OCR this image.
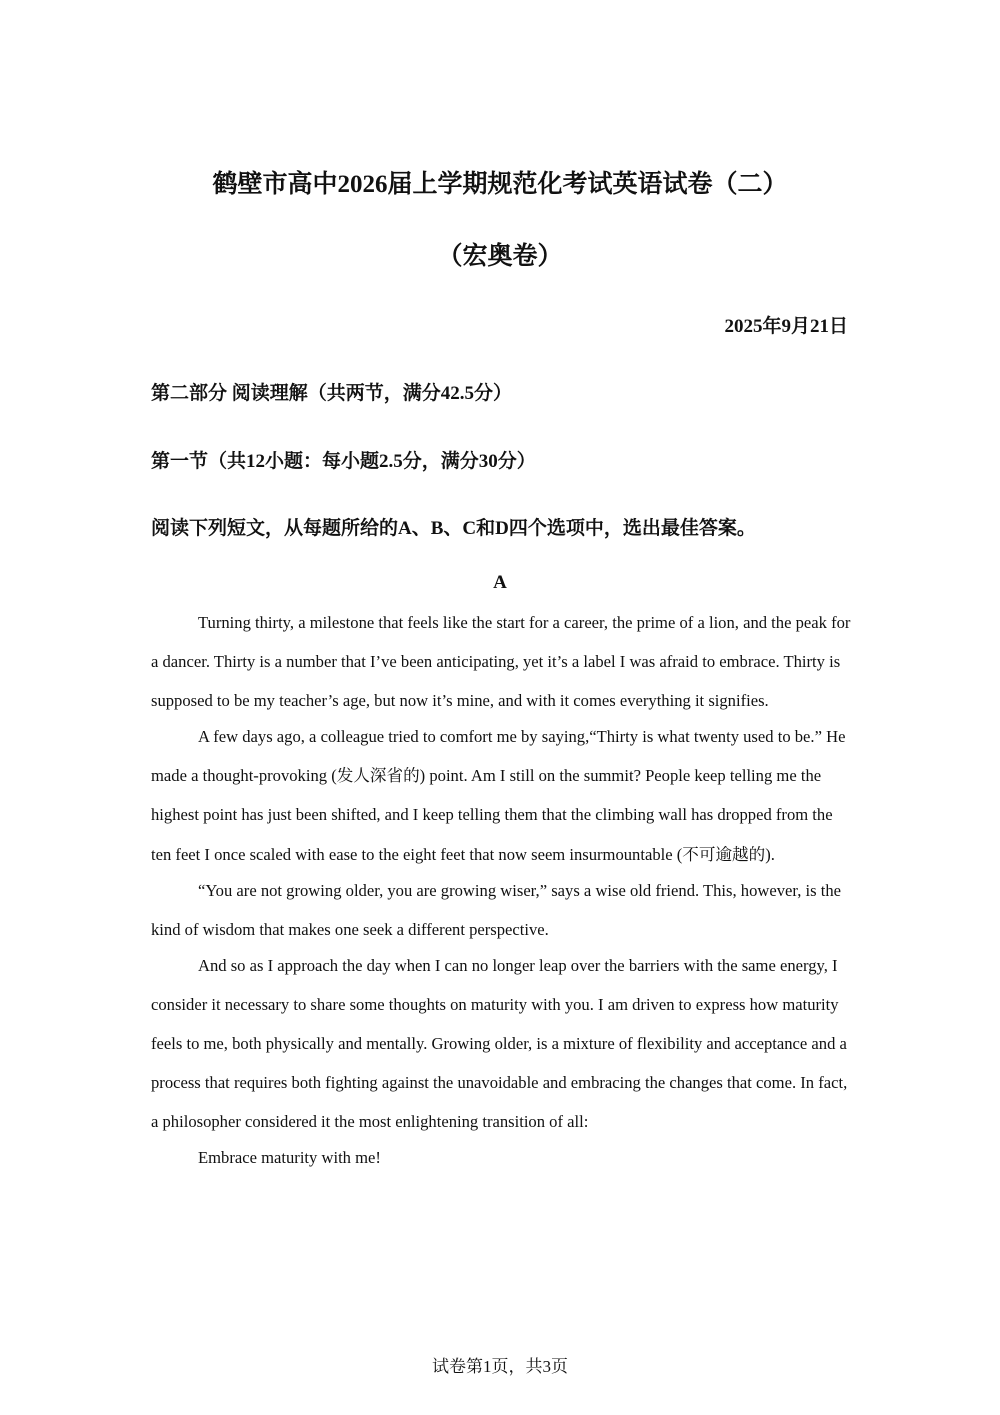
鹤壁市高中2026届上学期规范化考试英语试卷（二）
（宏奥卷）

2025年9月21日

第二部分 阅读理解（共两节，满分42.5分）

第一节（共12小题：每小题2.5分，满分30分）

阅读下列短文，从每题所给的A、B、C和D四个选项中，选出最佳答案。

A

Turning thirty, a milestone that feels like the start for a career, the prime of a lion, and the peak for a dancer. Thirty is a number that I’ve been anticipating, yet it’s a label I was afraid to embrace. Thirty is supposed to be my teacher’s age, but now it’s mine, and with it comes everything it signifies.

A few days ago, a colleague tried to comfort me by saying,“Thirty is what twenty used to be.” He made a thought-provoking (发人深省的) point. Am I still on the summit? People keep telling me the highest point has just been shifted, and I keep telling them that the climbing wall has dropped from the ten feet I once scaled with ease to the eight feet that now seem insurmountable (不可逾越的).

“You are not growing older, you are growing wiser,” says a wise old friend. This, however, is the kind of wisdom that makes one seek a different perspective.

And so as I approach the day when I can no longer leap over the barriers with the same energy, I consider it necessary to share some thoughts on maturity with you. I am driven to express how maturity feels to me, both physically and mentally. Growing older, is a mixture of flexibility and acceptance and a process that requires both fighting against the unavoidable and embracing the changes that come. In fact, a philosopher considered it the most enlightening transition of all:

Embrace maturity with me!

试卷第1页，共3页
